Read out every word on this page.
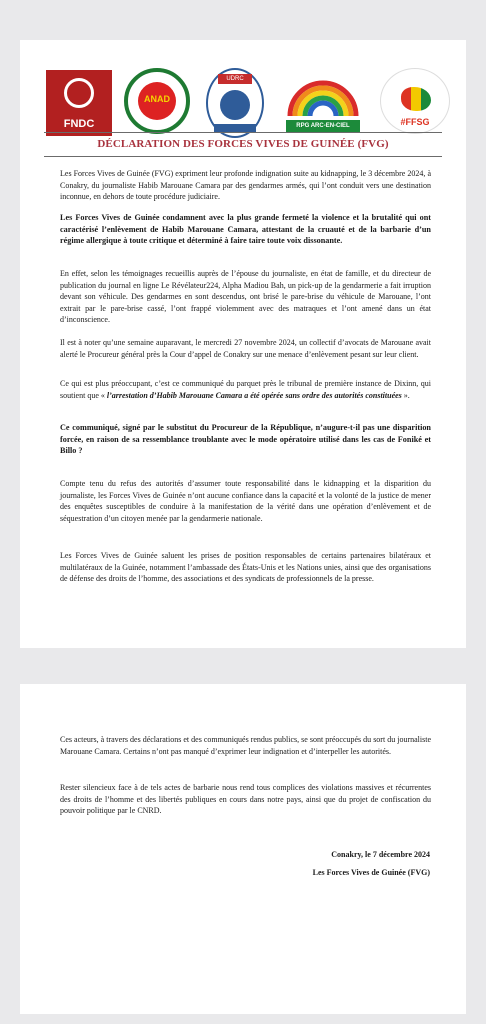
FNDC
ANAD
UDRC
RPG ARC-EN-CIEL	#FFSG
DÉCLARATION DES FORCES VIVES DE GUINÉE (FVG)

Les Forces Vives de Guinée (FVG) expriment leur profonde indignation suite au kidnapping, le 3 décembre 2024, à Conakry, du journaliste Habib Marouane Camara par des gendarmes armés, qui l’ont conduit vers une destination inconnue, en dehors de toute procédure judiciaire.

Les Forces Vives de Guinée condamnent avec la plus grande fermeté la violence et la brutalité qui ont caractérisé l’enlèvement de Habib Marouane Camara, attestant de la cruauté et de la barbarie d’un régime allergique à toute critique et déterminé à faire taire toute voix dissonante.

En effet, selon les témoignages recueillis auprès de l’épouse du journaliste, en état de famille, et du directeur de publication du journal en ligne Le Révélateur224, Alpha Madiou Bah, un pick-up de la gendarmerie a fait irruption devant son véhicule. Des gendarmes en sont descendus, ont brisé le pare-brise du véhicule de Marouane, l’ont extrait par le pare-brise cassé, l’ont frappé violemment avec des matraques et l’ont amené dans un état d’inconscience.

Il est à noter qu’une semaine auparavant, le mercredi 27 novembre 2024, un collectif d’avocats de Marouane avait alerté le Procureur général près la Cour d’appel de Conakry sur une menace d’enlèvement pesant sur leur client.

Ce qui est plus préoccupant, c’est ce communiqué du parquet près le tribunal de première instance de Dixinn, qui soutient que « l’arrestation d’Habib Marouane Camara a été opérée sans ordre des autorités constituées ».

Ce communiqué, signé par le substitut du Procureur de la République, n’augure-t-il pas une disparition forcée, en raison de sa ressemblance troublante avec le mode opératoire utilisé dans les cas de Foniké et Billo ?

Compte tenu du refus des autorités d’assumer toute responsabilité dans le kidnapping et la disparition du journaliste, les Forces Vives de Guinée n’ont aucune confiance dans la capacité et la volonté de la justice de mener des enquêtes susceptibles de conduire à la manifestation de la vérité dans une opération d’enlèvement et de séquestration d’un citoyen menée par la gendarmerie nationale.

Les Forces Vives de Guinée saluent les prises de position responsables de certains partenaires bilatéraux et multilatéraux de la Guinée, notamment l’ambassade des États-Unis et les Nations unies, ainsi que des organisations de défense des droits de l’homme, des associations et des syndicats de professionnels de la presse.

Ces acteurs, à travers des déclarations et des communiqués rendus publics, se sont préoccupés du sort du journaliste Marouane Camara. Certains n’ont pas manqué d’exprimer leur indignation et d’interpeller les autorités.

Rester silencieux face à de tels actes de barbarie nous rend tous complices des violations massives et récurrentes des droits de l’homme et des libertés publiques en cours dans notre pays, ainsi que du projet de confiscation du pouvoir politique par le CNRD.

Conakry, le 7 décembre 2024
Les Forces Vives de Guinée (FVG)
